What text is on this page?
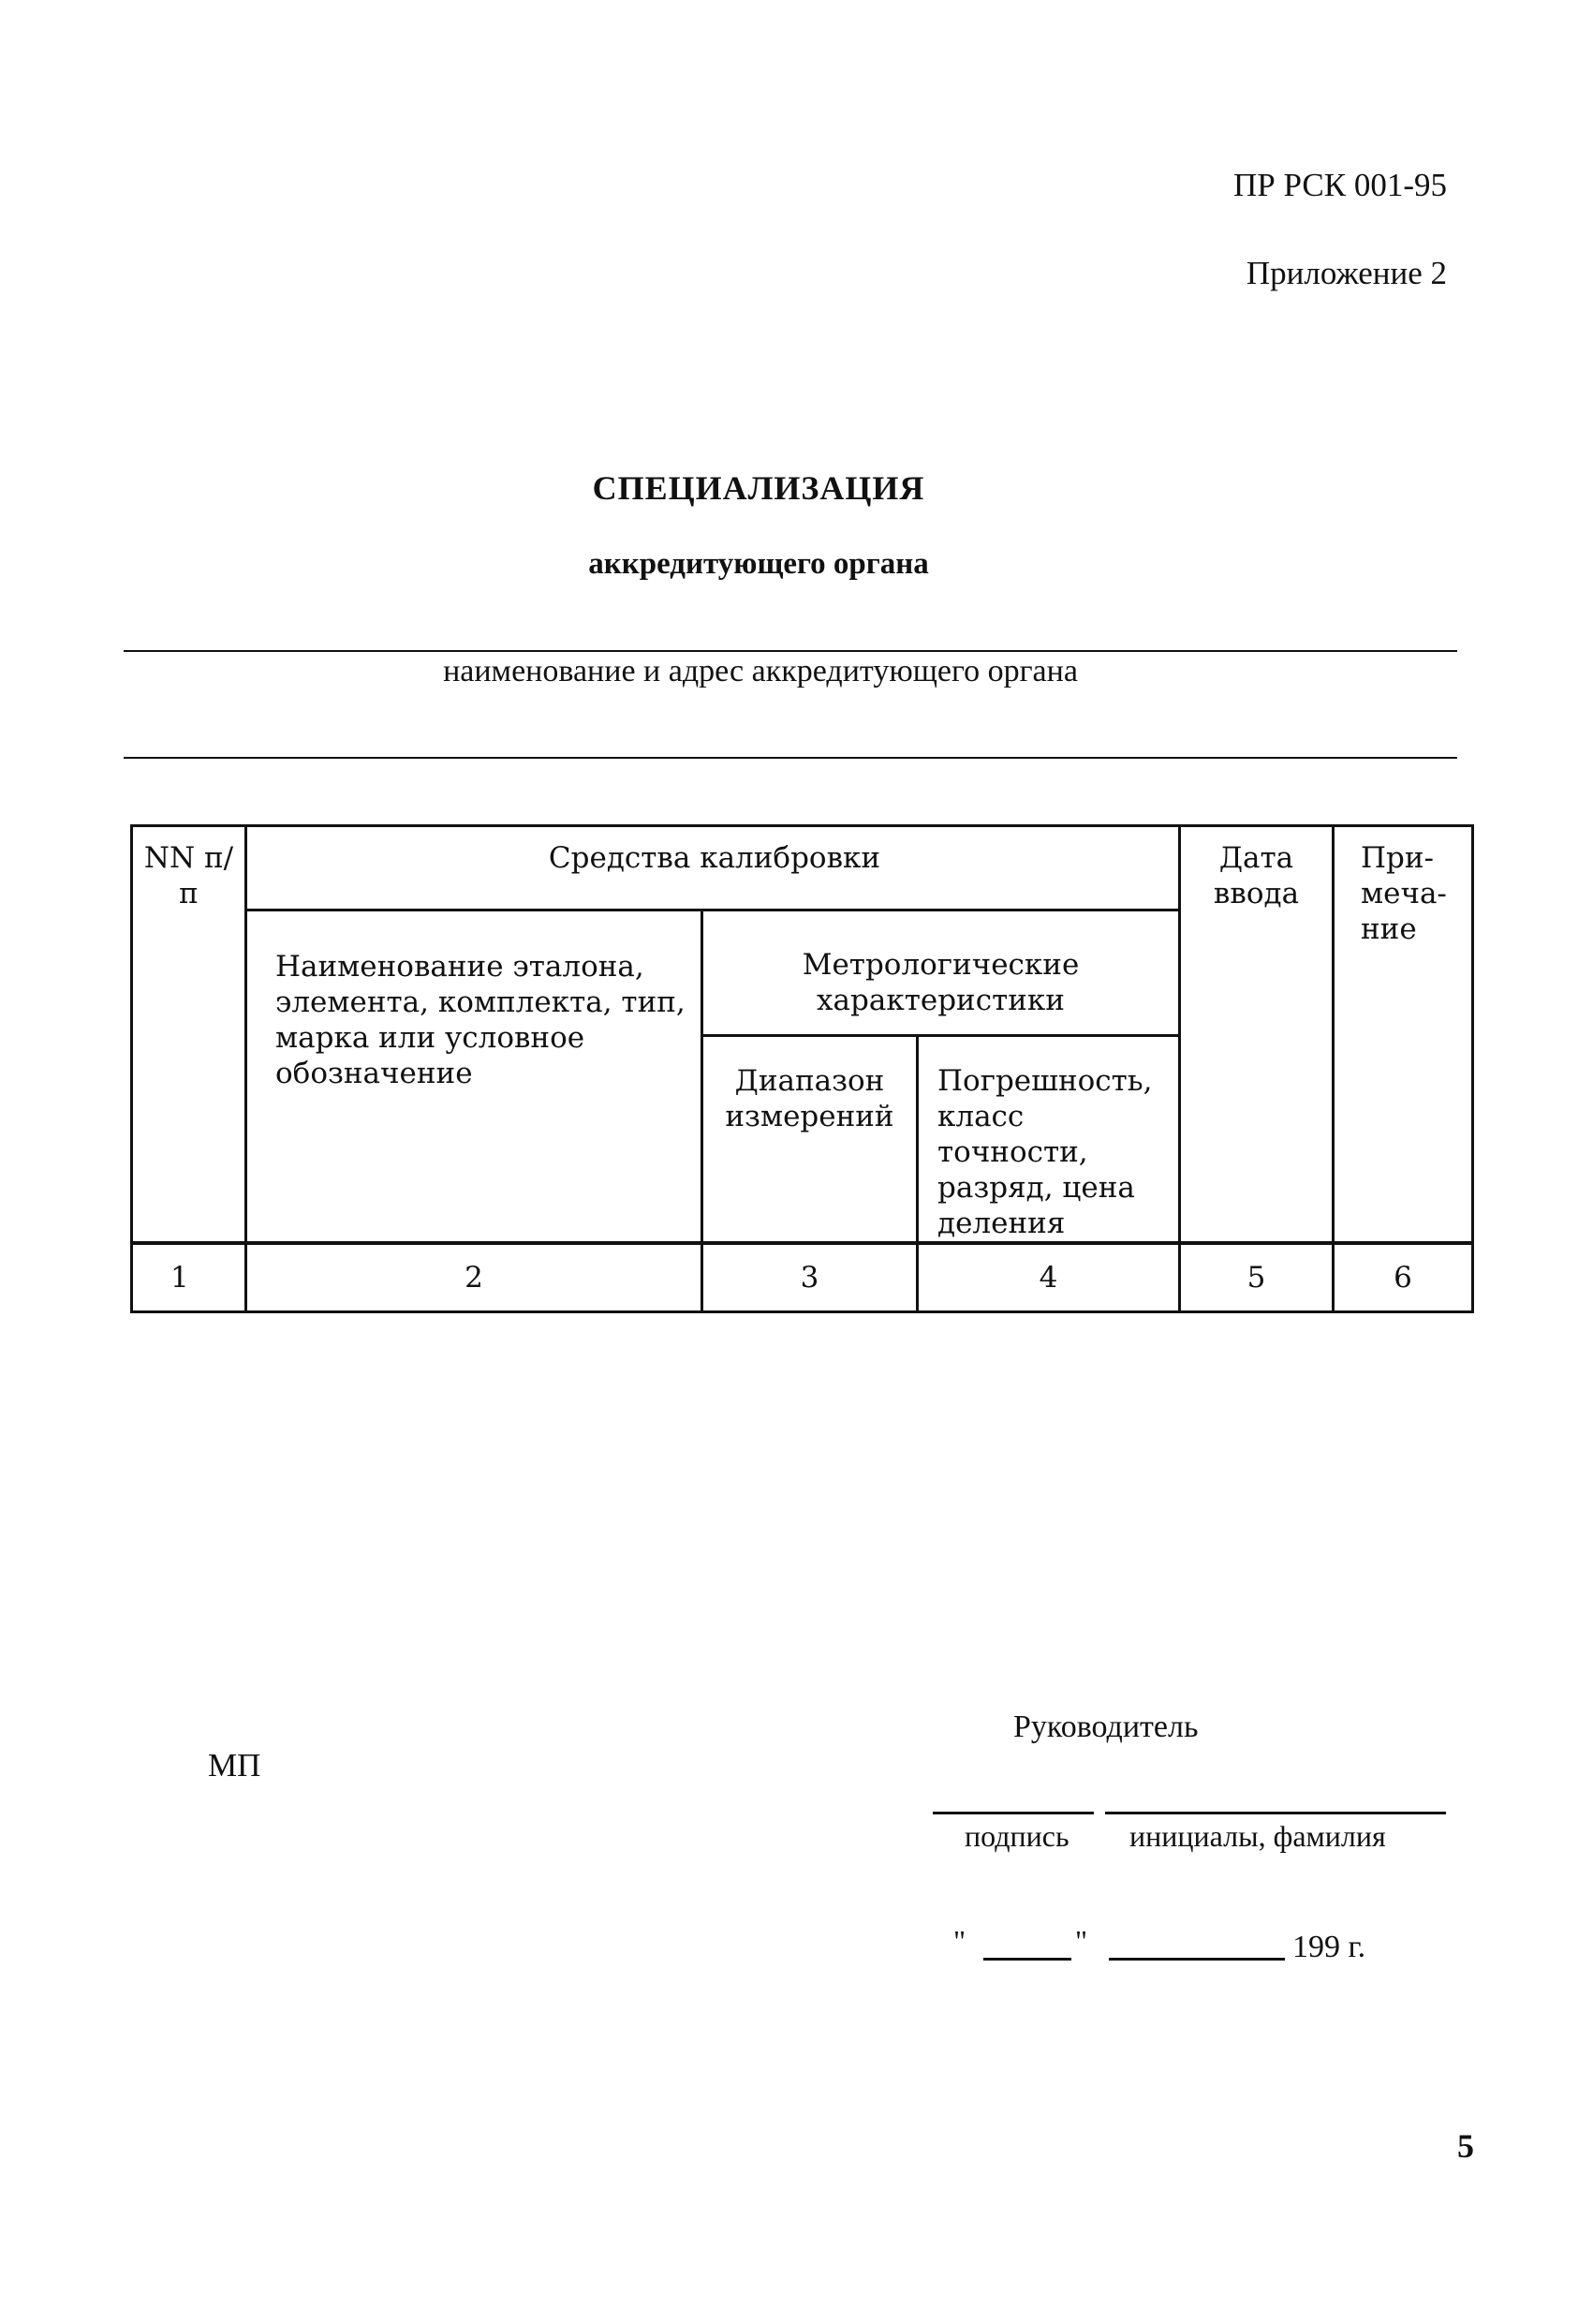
ПР РСК 001-95
Приложение 2
СПЕЦИАЛИЗАЦИЯ
аккредитующего органа
наименование и адрес аккредитующего органа
NN п/п	Средства калибровки			Дата ввода	При-меча-ние
	Наименование эталона, элемента, комплекта, тип, марка или условное обозначение	Метрологические характеристики			
		Диапазон измерений	Погрешность, класс точности, разряд, цена деления		
1	2	3	4	5	6
МП
Руководитель
подпись инициалы, фамилия
"	"	199 г.
5
